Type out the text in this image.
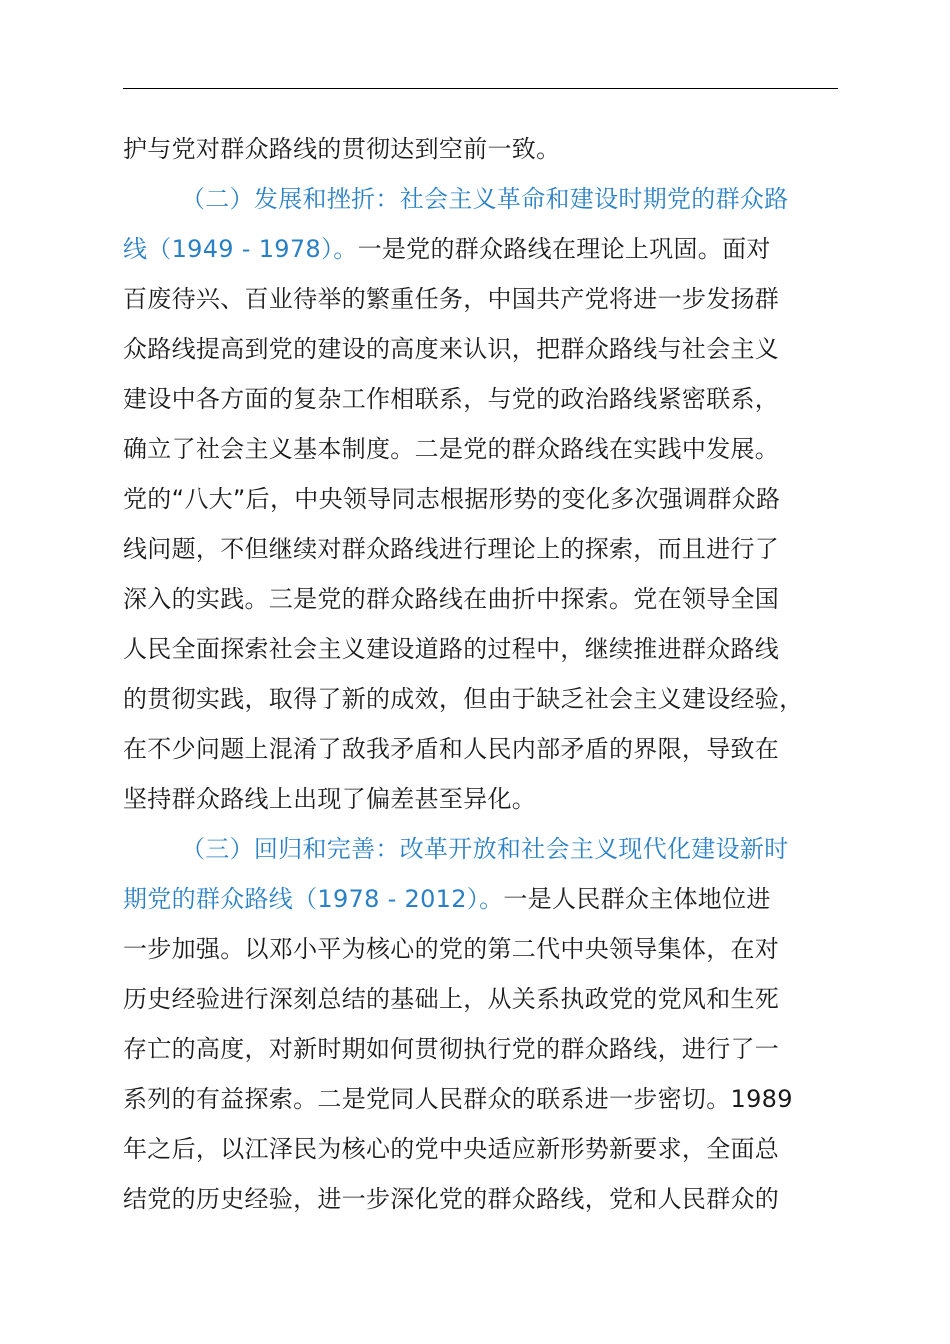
护与党对群众路线的贯彻达到空前一致。
（二）发展和挫折：社会主义革命和建设时期党的群众路
线（1949 - 1978）。一是党的群众路线在理论上巩固。面对
百废待兴、百业待举的繁重任务，中国共产党将进一步发扬群
众路线提高到党的建设的高度来认识，把群众路线与社会主义
建设中各方面的复杂工作相联系，与党的政治路线紧密联系，
确立了社会主义基本制度。二是党的群众路线在实践中发展。
党的“八大”后，中央领导同志根据形势的变化多次强调群众路
线问题，不但继续对群众路线进行理论上的探索，而且进行了
深入的实践。三是党的群众路线在曲折中探索。党在领导全国
人民全面探索社会主义建设道路的过程中，继续推进群众路线
的贯彻实践，取得了新的成效，但由于缺乏社会主义建设经验，
在不少问题上混淆了敌我矛盾和人民内部矛盾的界限，导致在
坚持群众路线上出现了偏差甚至异化。
（三）回归和完善：改革开放和社会主义现代化建设新时
期党的群众路线（1978 - 2012）。一是人民群众主体地位进
一步加强。以邓小平为核心的党的第二代中央领导集体，在对
历史经验进行深刻总结的基础上，从关系执政党的党风和生死
存亡的高度，对新时期如何贯彻执行党的群众路线，进行了一
系列的有益探索。二是党同人民群众的联系进一步密切。1989
年之后，以江泽民为核心的党中央适应新形势新要求，全面总
结党的历史经验，进一步深化党的群众路线，党和人民群众的
